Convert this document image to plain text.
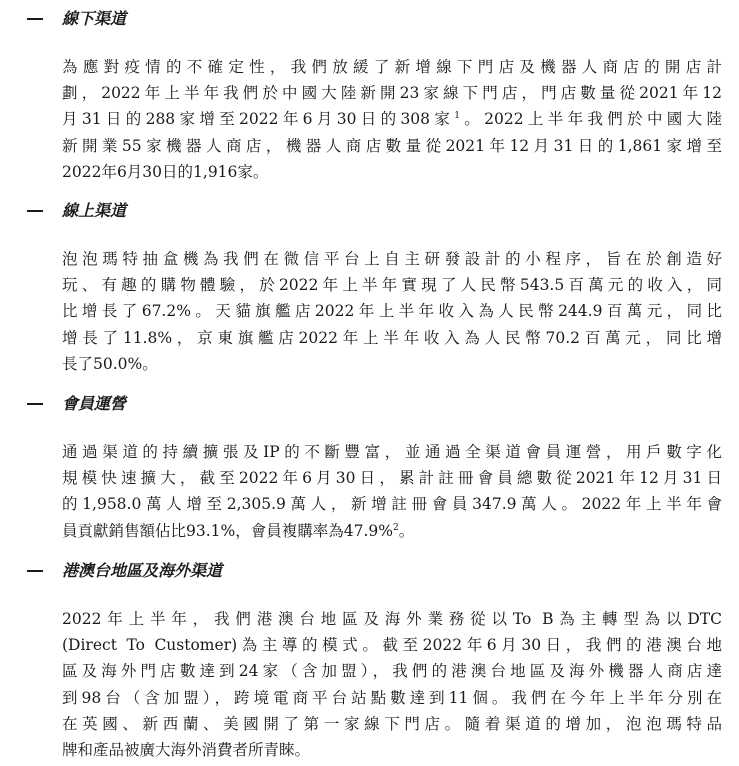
線下渠道
為應對疫情的不確定性，我們放緩了新增線下門店及機器人商店的開店計
劃，2022年上半年我們於中國大陸新開23家線下門店，門店數量從2021年12
月31日的288家增至2022年6月30日的308家$^1$。2022上半年我們於中國大陸
新開業55家機器人商店，機器人商店數量從2021年12月31日的1,861家增至
2022年6月30日的1,916家。
線上渠道
泡泡瑪特抽盒機為我們在微信平台上自主研發設計的小程序，旨在於創造好
玩、有趣的購物體驗，於2022年上半年實現了人民幣543.5百萬元的收入，同
比增長了67.2%。天貓旗艦店2022年上半年收入為人民幣244.9百萬元，同比
增長了11.8%，京東旗艦店2022年上半年收入為人民幣70.2百萬元，同比增
長了50.0%。
會員運營
通過渠道的持續擴張及IP的不斷豐富，並通過全渠道會員運營，用戶數字化
規模快速擴大，截至2022年6月30日，累計註冊會員總數從2021年12月31日
的1,958.0萬人增至2,305.9萬人，新增註冊會員347.9萬人。2022年上半年會
員貢獻銷售額佔比93.1%，會員複購率為47.9%$^2$。
港澳台地區及海外渠道
2022年上半年，我們港澳台地區及海外業務從以To B為主轉型為以DTC
(Direct To Customer)為主導的模式。截至2022年6月30日，我們的港澳台地
區及海外門店數達到24家（含加盟），我們的港澳台地區及海外機器人商店達
到98台（含加盟），跨境電商平台站點數達到11個。我們在今年上半年分別在
在英國、新西蘭、美國開了第一家線下門店。隨着渠道的增加，泡泡瑪特品
牌和產品被廣大海外消費者所青睞。
